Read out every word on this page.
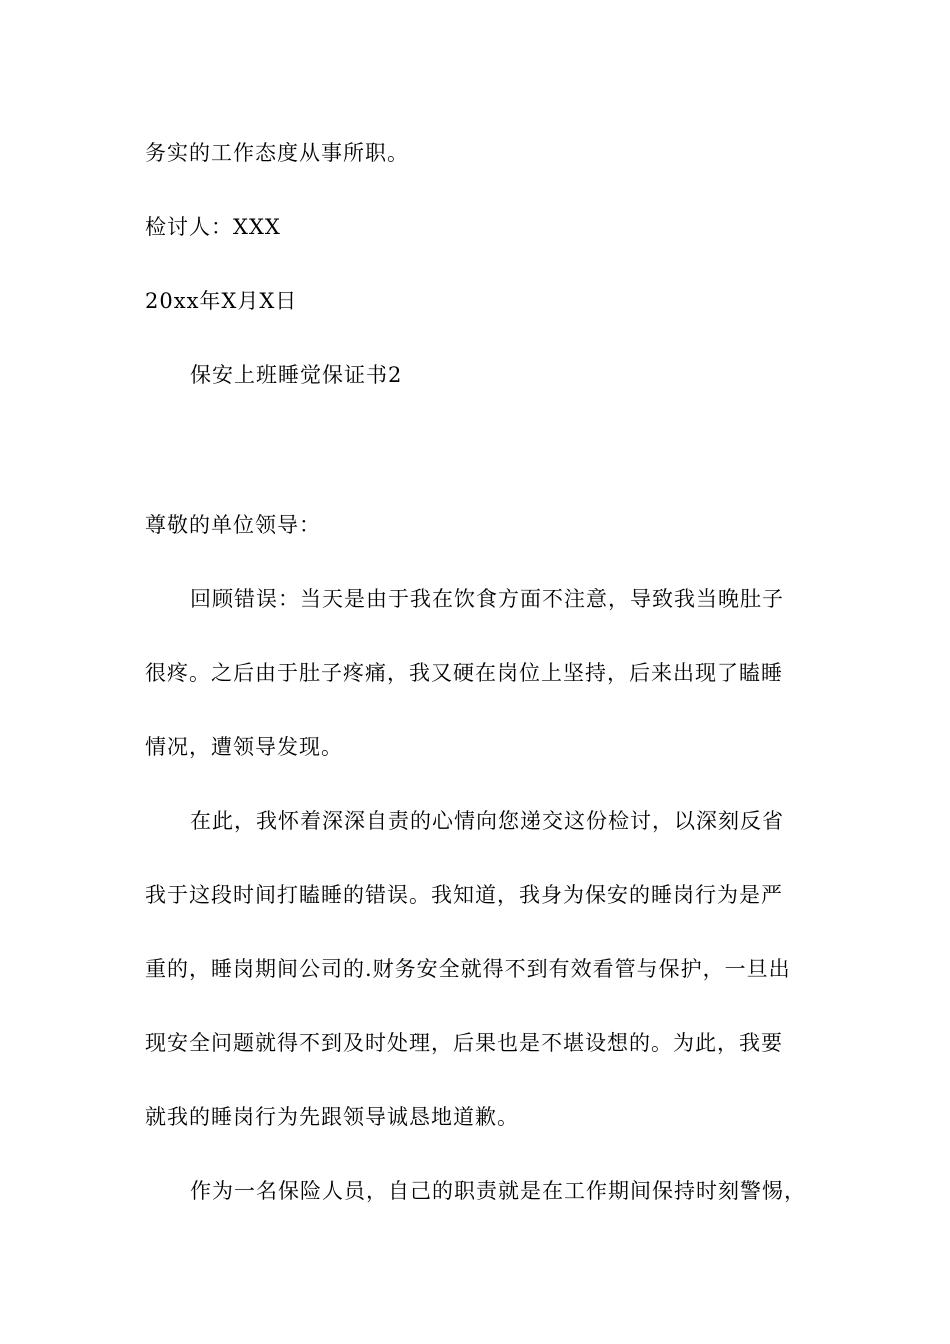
务实的工作态度从事所职。
检讨人：XXX
20xx年X月X日
保安上班睡觉保证书2
尊敬的单位领导：
回顾错误：当天是由于我在饮食方面不注意，导致我当晚肚子
很疼。之后由于肚子疼痛，我又硬在岗位上坚持，后来出现了瞌睡
情况，遭领导发现。
在此，我怀着深深自责的心情向您递交这份检讨，以深刻反省
我于这段时间打瞌睡的错误。我知道，我身为保安的睡岗行为是严
重的，睡岗期间公司的.财务安全就得不到有效看管与保护，一旦出
现安全问题就得不到及时处理，后果也是不堪设想的。为此，我要
就我的睡岗行为先跟领导诚恳地道歉。
作为一名保险人员，自己的职责就是在工作期间保持时刻警惕，
